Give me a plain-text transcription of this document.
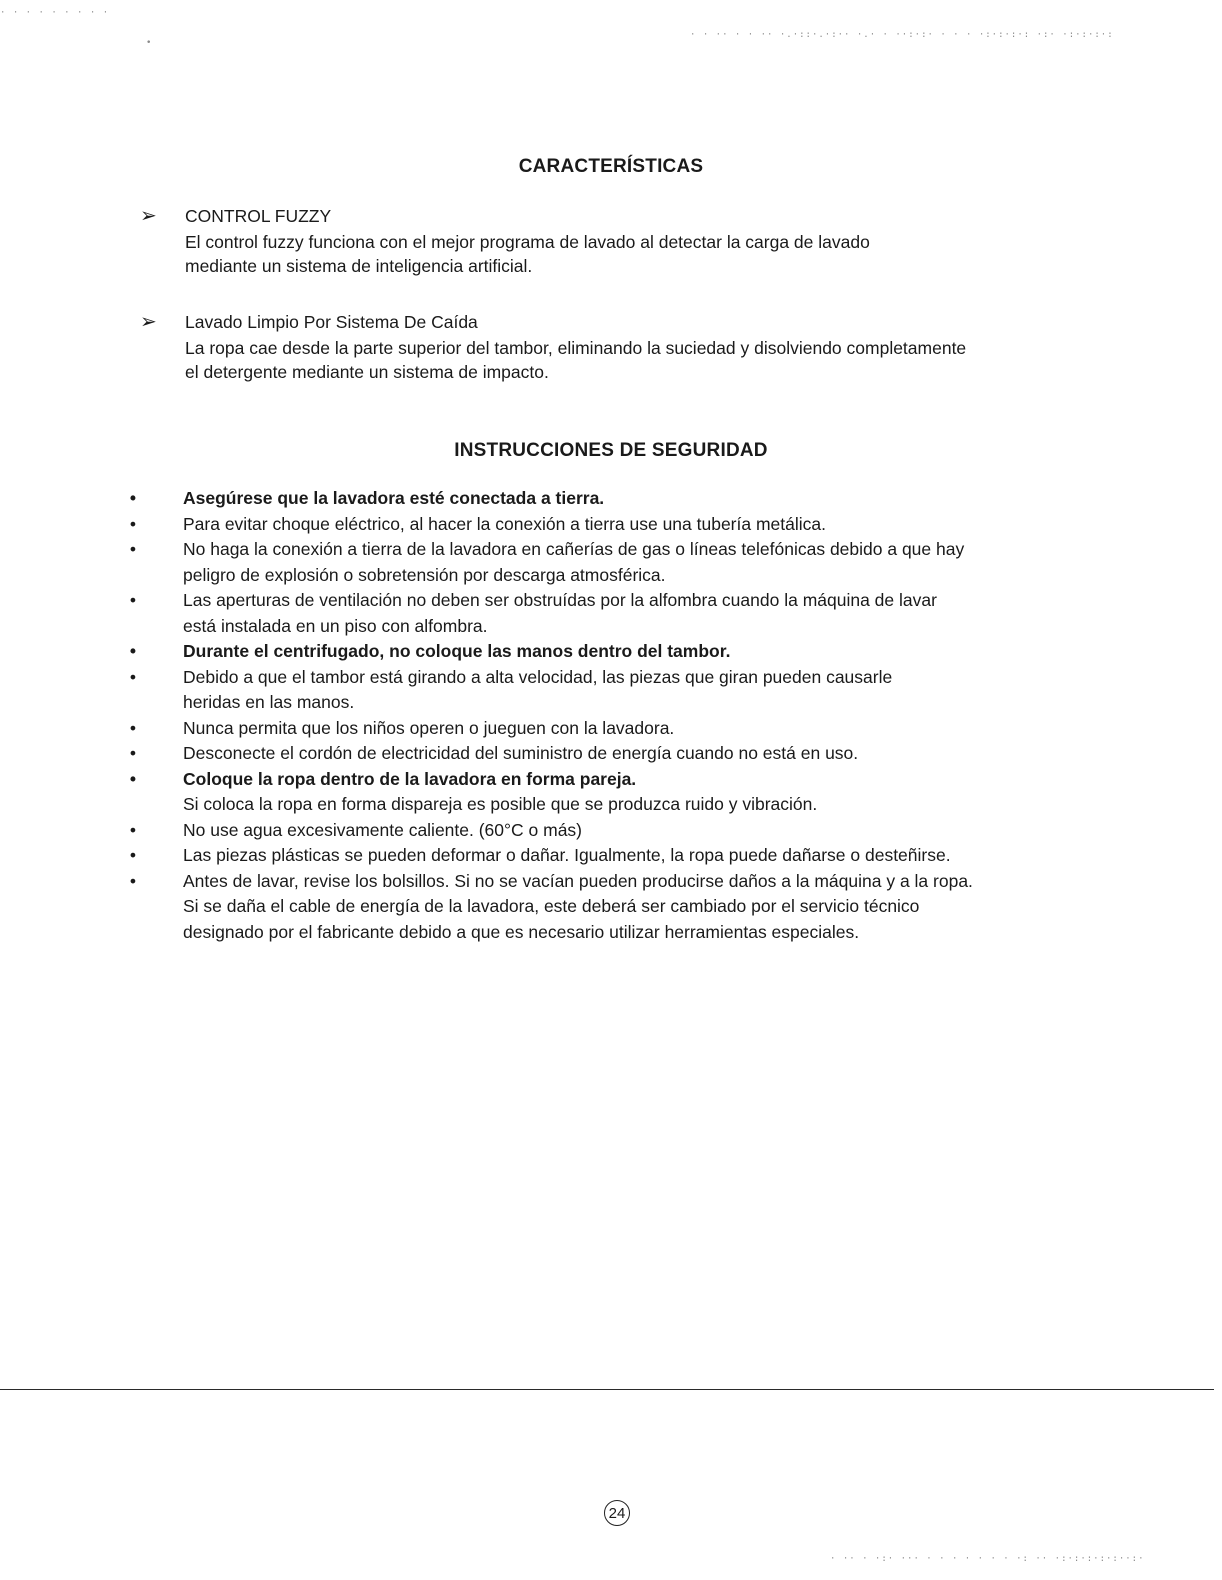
· · · · · · · · ·
· · ·· · · ·· ·.·::·.·:·· ·.· · ··:·:· · · · ·:·:·:·: ·:· ·:·:·:·:
•
· ·· · ·:· ··· · · · · · · · ·: ·· ·:·:·:·:·:··:·
CARACTERÍSTICAS
➢ CONTROL FUZZY
El control fuzzy funciona con el mejor programa de lavado al detectar la carga de lavado
mediante un sistema de inteligencia artificial.
➢ Lavado Limpio Por Sistema De Caída
La ropa cae desde la parte superior del tambor, eliminando la suciedad y disolviendo completamente
el detergente mediante un sistema de impacto.
INSTRUCCIONES DE SEGURIDAD
•	Asegúrese que la lavadora esté conectada a tierra.
•	Para evitar choque eléctrico, al hacer la conexión a tierra use una tubería metálica.
•	No haga la conexión a tierra de la lavadora en cañerías de gas o líneas telefónicas debido a que hay
peligro de explosión o sobretensión por descarga atmosférica.
•	Las aperturas de ventilación no deben ser obstruídas por la alfombra cuando la máquina de lavar
está instalada en un piso con alfombra.
•	Durante el centrifugado, no coloque las manos dentro del tambor.
•	Debido a que el tambor está girando a alta velocidad, las piezas que giran pueden causarle
heridas en las manos.
•	Nunca permita que los niños operen o jueguen con la lavadora.
•	Desconecte el cordón de electricidad del suministro de energía cuando no está en uso.
•	Coloque la ropa dentro de la lavadora en forma pareja.
Si coloca la ropa en forma dispareja es posible que se produzca ruido y vibración.
•	No use agua excesivamente caliente. (60°C o más)
•	Las piezas plásticas se pueden deformar o dañar. Igualmente, la ropa puede dañarse o desteñirse.
•	Antes de lavar, revise los bolsillos. Si no se vacían pueden producirse daños a la máquina y a la ropa.
Si se daña el cable de energía de la lavadora, este deberá ser cambiado por el servicio técnico
designado por el fabricante debido a que es necesario utilizar herramientas especiales.
24
